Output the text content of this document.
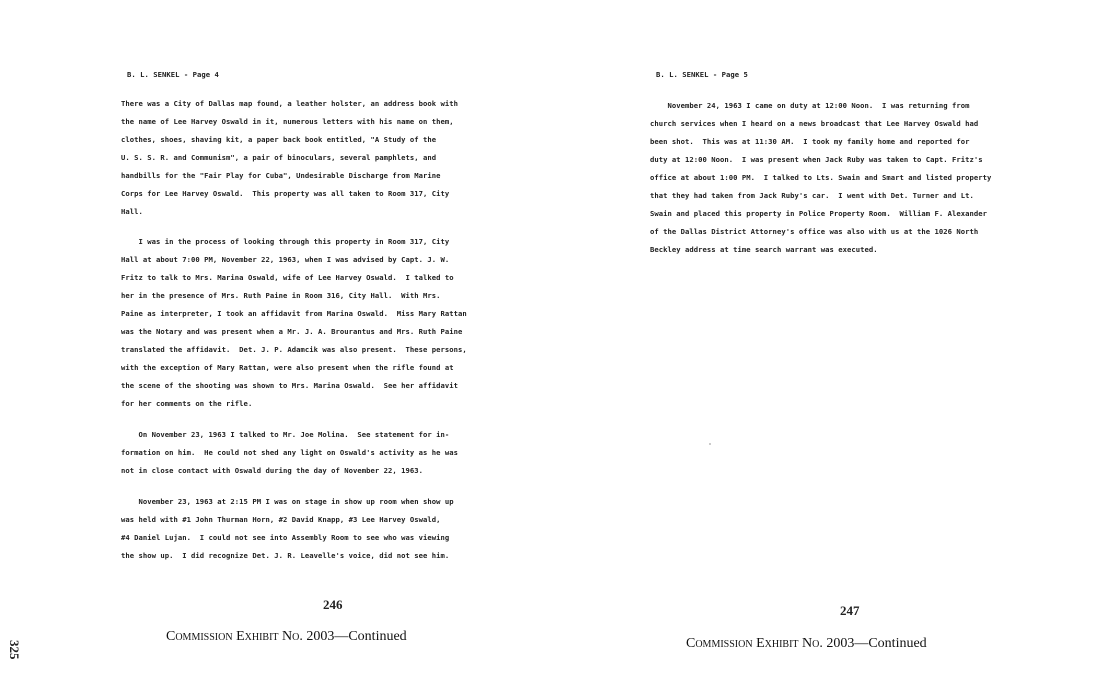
325
B. L. SENKEL - Page 4
There was a City of Dallas map found, a leather holster, an address book with
the name of Lee Harvey Oswald in it, numerous letters with his name on them,
clothes, shoes, shaving kit, a paper back book entitled, "A Study of the
U. S. S. R. and Communism", a pair of binoculars, several pamphlets, and
handbills for the "Fair Play for Cuba", Undesirable Discharge from Marine
Corps for Lee Harvey Oswald.  This property was all taken to Room 317, City
Hall.
I was in the process of looking through this property in Room 317, City
Hall at about 7:00 PM, November 22, 1963, when I was advised by Capt. J. W.
Fritz to talk to Mrs. Marina Oswald, wife of Lee Harvey Oswald.  I talked to
her in the presence of Mrs. Ruth Paine in Room 316, City Hall.  With Mrs.
Paine as interpreter, I took an affidavit from Marina Oswald.  Miss Mary Rattan
was the Notary and was present when a Mr. J. A. Brourantus and Mrs. Ruth Paine
translated the affidavit.  Det. J. P. Adamcik was also present.  These persons,
with the exception of Mary Rattan, were also present when the rifle found at
the scene of the shooting was shown to Mrs. Marina Oswald.  See her affidavit
for her comments on the rifle.
On November 23, 1963 I talked to Mr. Joe Molina.  See statement for in-
formation on him.  He could not shed any light on Oswald's activity as he was
not in close contact with Oswald during the day of November 22, 1963.
November 23, 1963 at 2:15 PM I was on stage in show up room when show up
was held with #1 John Thurman Horn, #2 David Knapp, #3 Lee Harvey Oswald,
#4 Daniel Lujan.  I could not see into Assembly Room to see who was viewing
the show up.  I did recognize Det. J. R. Leavelle's voice, did not see him.
246
Commission Exhibit No. 2003—Continued
B. L. SENKEL - Page 5
November 24, 1963 I came on duty at 12:00 Noon.  I was returning from
church services when I heard on a news broadcast that Lee Harvey Oswald had
been shot.  This was at 11:30 AM.  I took my family home and reported for
duty at 12:00 Noon.  I was present when Jack Ruby was taken to Capt. Fritz's
office at about 1:00 PM.  I talked to Lts. Swain and Smart and listed property
that they had taken from Jack Ruby's car.  I went with Det. Turner and Lt.
Swain and placed this property in Police Property Room.  William F. Alexander
of the Dallas District Attorney's office was also with us at the 1026 North
Beckley address at time search warrant was executed.
247
Commission Exhibit No. 2003—Continued
